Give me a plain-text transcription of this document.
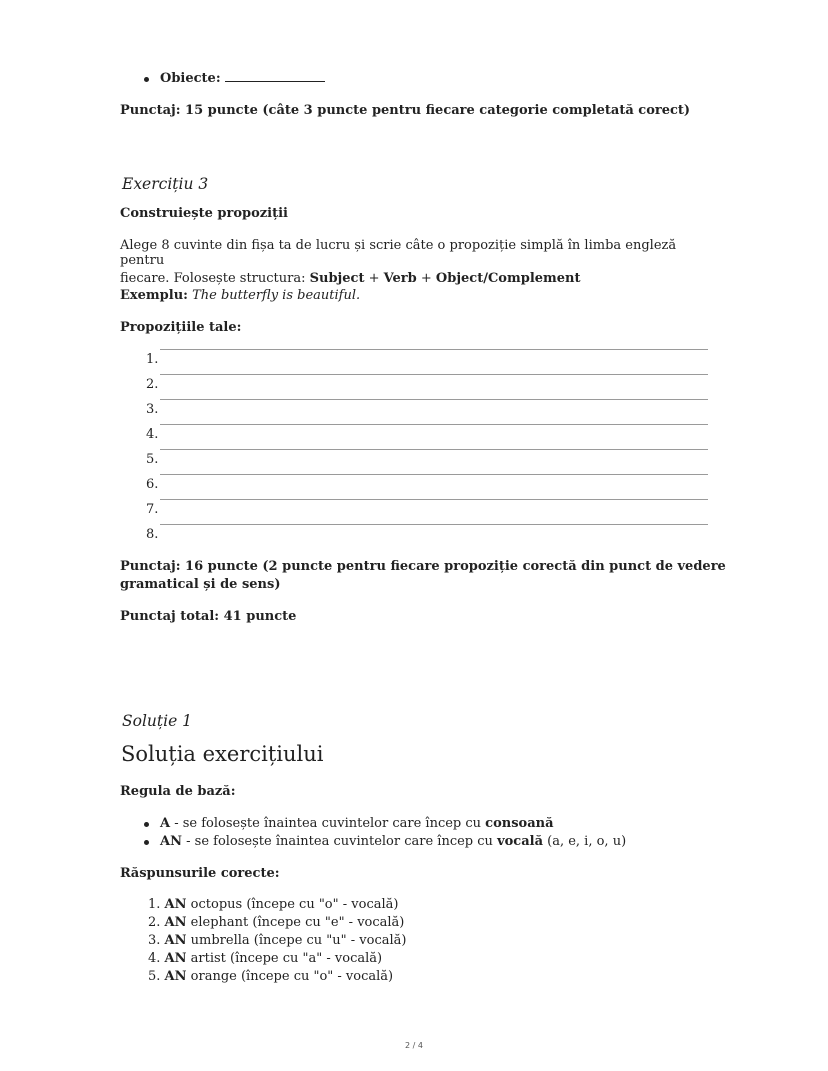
Obiecte:
Punctaj: 15 puncte (câte 3 puncte pentru fiecare categorie completată corect)
Exercițiu 3
Construiește propoziții
Alege 8 cuvinte din fișa ta de lucru și scrie câte o propoziție simplă în limba engleză pentru
fiecare. Folosește structura: Subject + Verb + Object/Complement
Exemplu: The butterfly is beautiful.
Propozițiile tale:
1.
2.
3.
4.
5.
6.
7.
8.
Punctaj: 16 puncte (2 puncte pentru fiecare propoziție corectă din punct de vedere
gramatical și de sens)
Punctaj total: 41 puncte
Soluție 1
Soluția exercițiului
Regula de bază:
A - se folosește înaintea cuvintelor care încep cu consoană
AN - se folosește înaintea cuvintelor care încep cu vocală (a, e, i, o, u)
Răspunsurile corecte:
1. AN octopus (începe cu "o" - vocală)
2. AN elephant (începe cu "e" - vocală)
3. AN umbrella (începe cu "u" - vocală)
4. AN artist (începe cu "a" - vocală)
5. AN orange (începe cu "o" - vocală)
2 / 4
